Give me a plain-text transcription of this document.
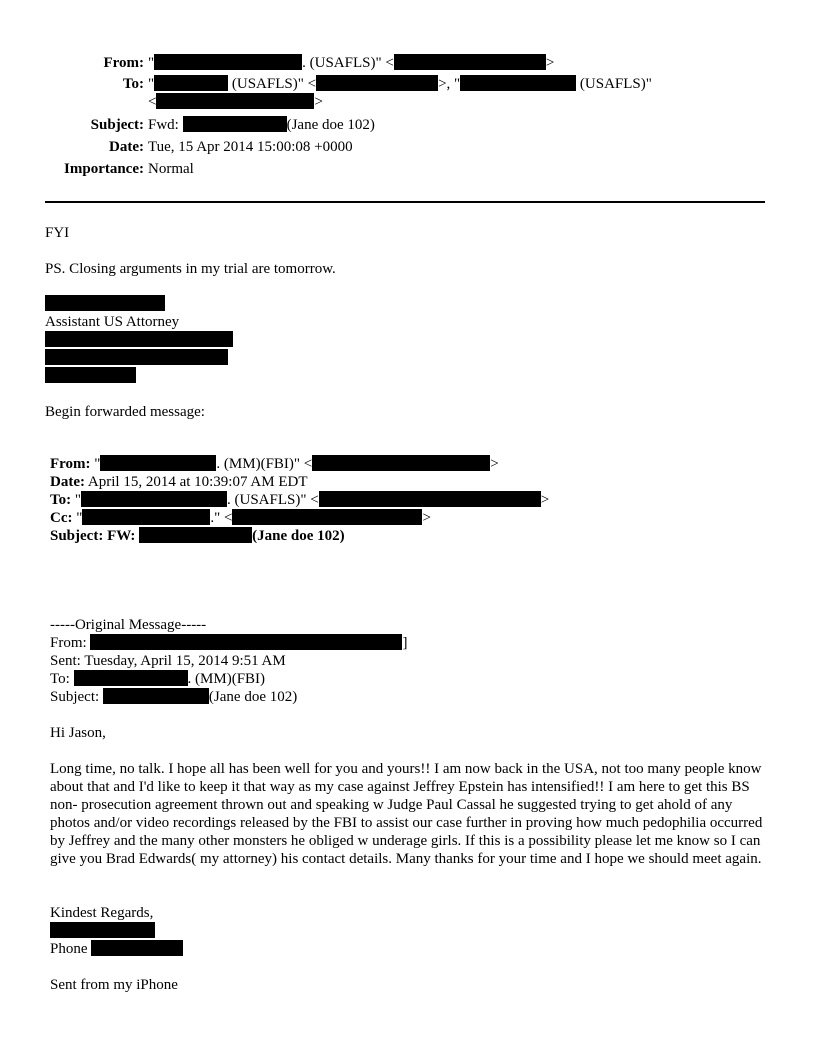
From: "	. (USAFLS)" <	>
To: "	(USAFLS)" <	>, "	(USAFLS)"
<	>
Subject: Fwd:	(Jane doe 102)
Date: Tue, 15 Apr 2014 15:00:08 +0000
Importance: Normal
FYI
PS. Closing arguments in my trial are tomorrow.
Assistant US Attorney
Begin forwarded message:
From: "	. (MM)(FBI)" <	>
Date: April 15, 2014 at 10:39:07 AM EDT
To: "	. (USAFLS)" <	>
Cc: "	." <	>
Subject: FW:	(Jane doe 102)
-----Original Message-----
From:	]
Sent: Tuesday, April 15, 2014 9:51 AM
To:	. (MM)(FBI)
Subject:	(Jane doe 102)
Hi Jason,
Long time, no talk. I hope all has been well for you and yours!! I am now back in the USA, not too many people know about that and I'd like to keep it that way as my case against Jeffrey Epstein has intensified!! I am here to get this BS non- prosecution agreement thrown out and speaking w Judge Paul Cassal he suggested trying to get ahold of any photos and/or video recordings released by the FBI to assist our case further in proving how much pedophilia occurred by Jeffrey and the many other monsters he obliged w underage girls. If this is a possibility please let me know so I can give you Brad Edwards( my attorney) his contact details. Many thanks for your time and I hope we should meet again.
Kindest Regards,
Phone
Sent from my iPhone
